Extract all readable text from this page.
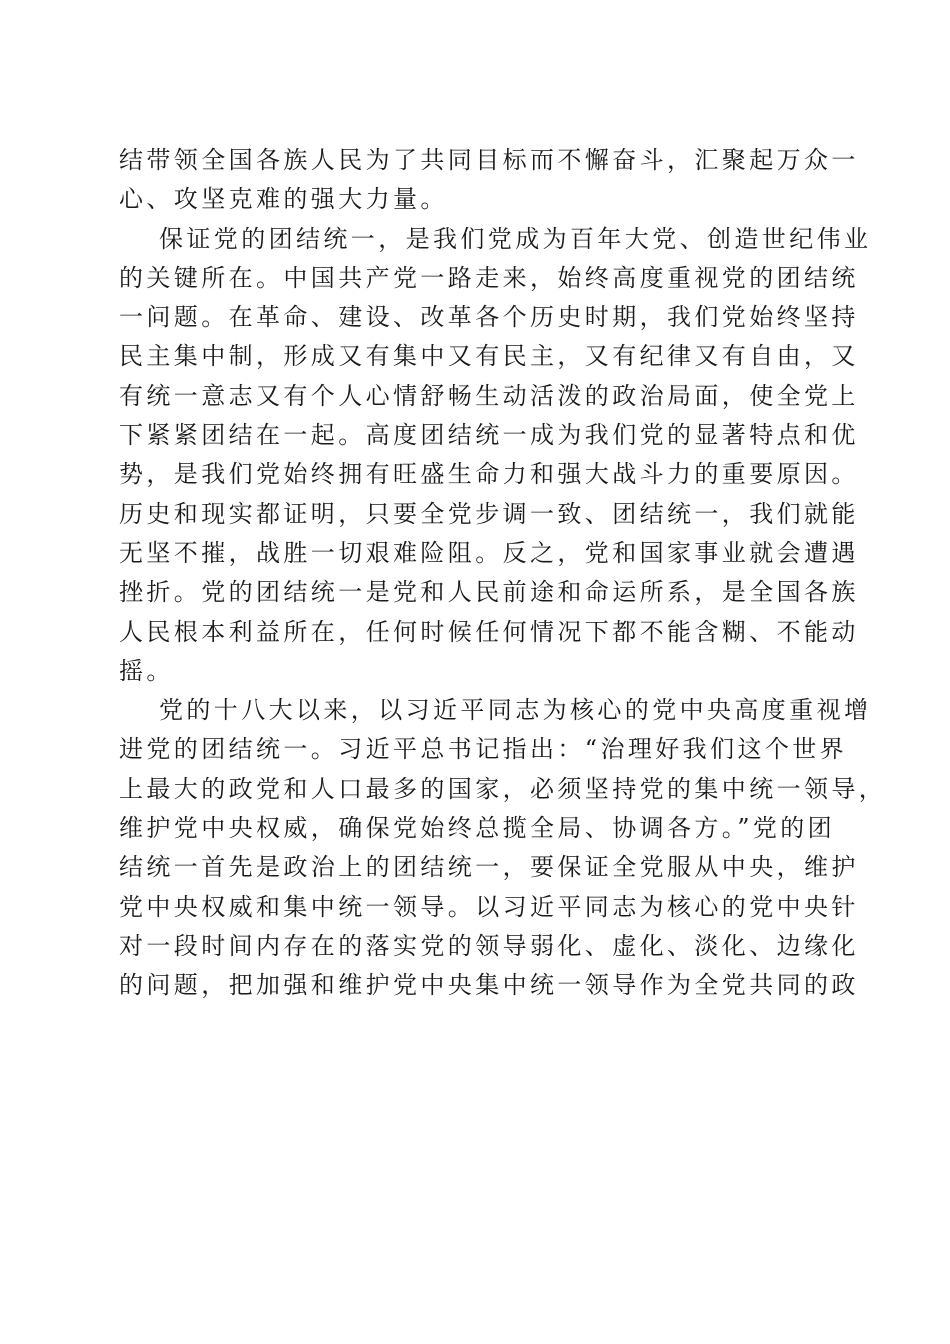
结带领全国各族人民为了共同目标而不懈奋斗，汇聚起万众一
心、攻坚克难的强大力量。
保证党的团结统一，是我们党成为百年大党、创造世纪伟业
的关键所在。中国共产党一路走来，始终高度重视党的团结统
一问题。在革命、建设、改革各个历史时期，我们党始终坚持
民主集中制，形成又有集中又有民主，又有纪律又有自由，又
有统一意志又有个人心情舒畅生动活泼的政治局面，使全党上
下紧紧团结在一起。高度团结统一成为我们党的显著特点和优
势，是我们党始终拥有旺盛生命力和强大战斗力的重要原因。
历史和现实都证明，只要全党步调一致、团结统一，我们就能
无坚不摧，战胜一切艰难险阻。反之，党和国家事业就会遭遇
挫折。党的团结统一是党和人民前途和命运所系，是全国各族
人民根本利益所在，任何时候任何情况下都不能含糊、不能动
摇。
党的十八大以来，以习近平同志为核心的党中央高度重视增
进党的团结统一。习近平总书记指出：“治理好我们这个世界
上最大的政党和人口最多的国家，必须坚持党的集中统一领导，
维护党中央权威，确保党始终总揽全局、协调各方。”党的团
结统一首先是政治上的团结统一，要保证全党服从中央，维护
党中央权威和集中统一领导。以习近平同志为核心的党中央针
对一段时间内存在的落实党的领导弱化、虚化、淡化、边缘化
的问题，把加强和维护党中央集中统一领导作为全党共同的政
